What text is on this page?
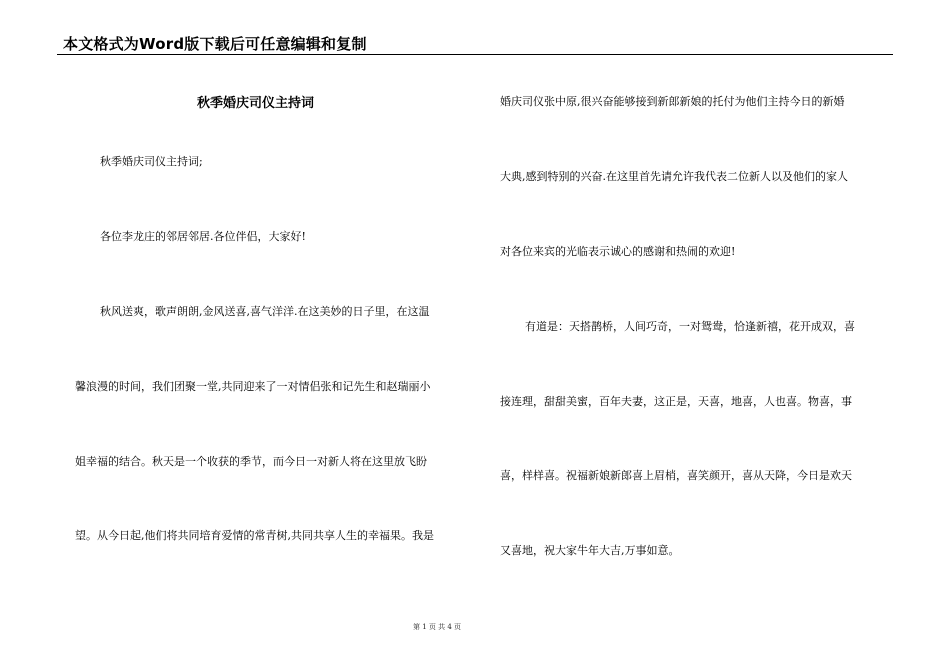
本文格式为Word版下载后可任意编辑和复制
秋季婚庆司仪主持词
秋季婚庆司仪主持词;
各位李龙庄的邻居邻居.各位伴侣，大家好!
秋风送爽，歌声朗朗,金风送喜,喜气洋洋.在这美妙的日子里，在这温
馨浪漫的时间，我们团聚一堂,共同迎来了一对情侣张和记先生和赵瑞丽小
姐幸福的结合。秋天是一个收获的季节，而今日一对新人将在这里放飞盼
望。从今日起,他们将共同培育爱情的常青树,共同共享人生的幸福果。我是
婚庆司仪张中原,很兴奋能够接到新郎新娘的托付为他们主持今日的新婚
大典,感到特别的兴奋.在这里首先请允许我代表二位新人以及他们的家人
对各位来宾的光临表示诚心的感谢和热闹的欢迎!
有道是：天搭鹊桥，人间巧奇，一对鸳鸯，恰逢新禧，花开成双，喜
接连理，甜甜美蜜，百年夫妻，这正是，天喜，地喜，人也喜。物喜，事
喜，样样喜。祝福新娘新郎喜上眉梢，喜笑颜开，喜从天降，今日是欢天
又喜地，祝大家牛年大吉,万事如意。
第 1 页 共 4 页
